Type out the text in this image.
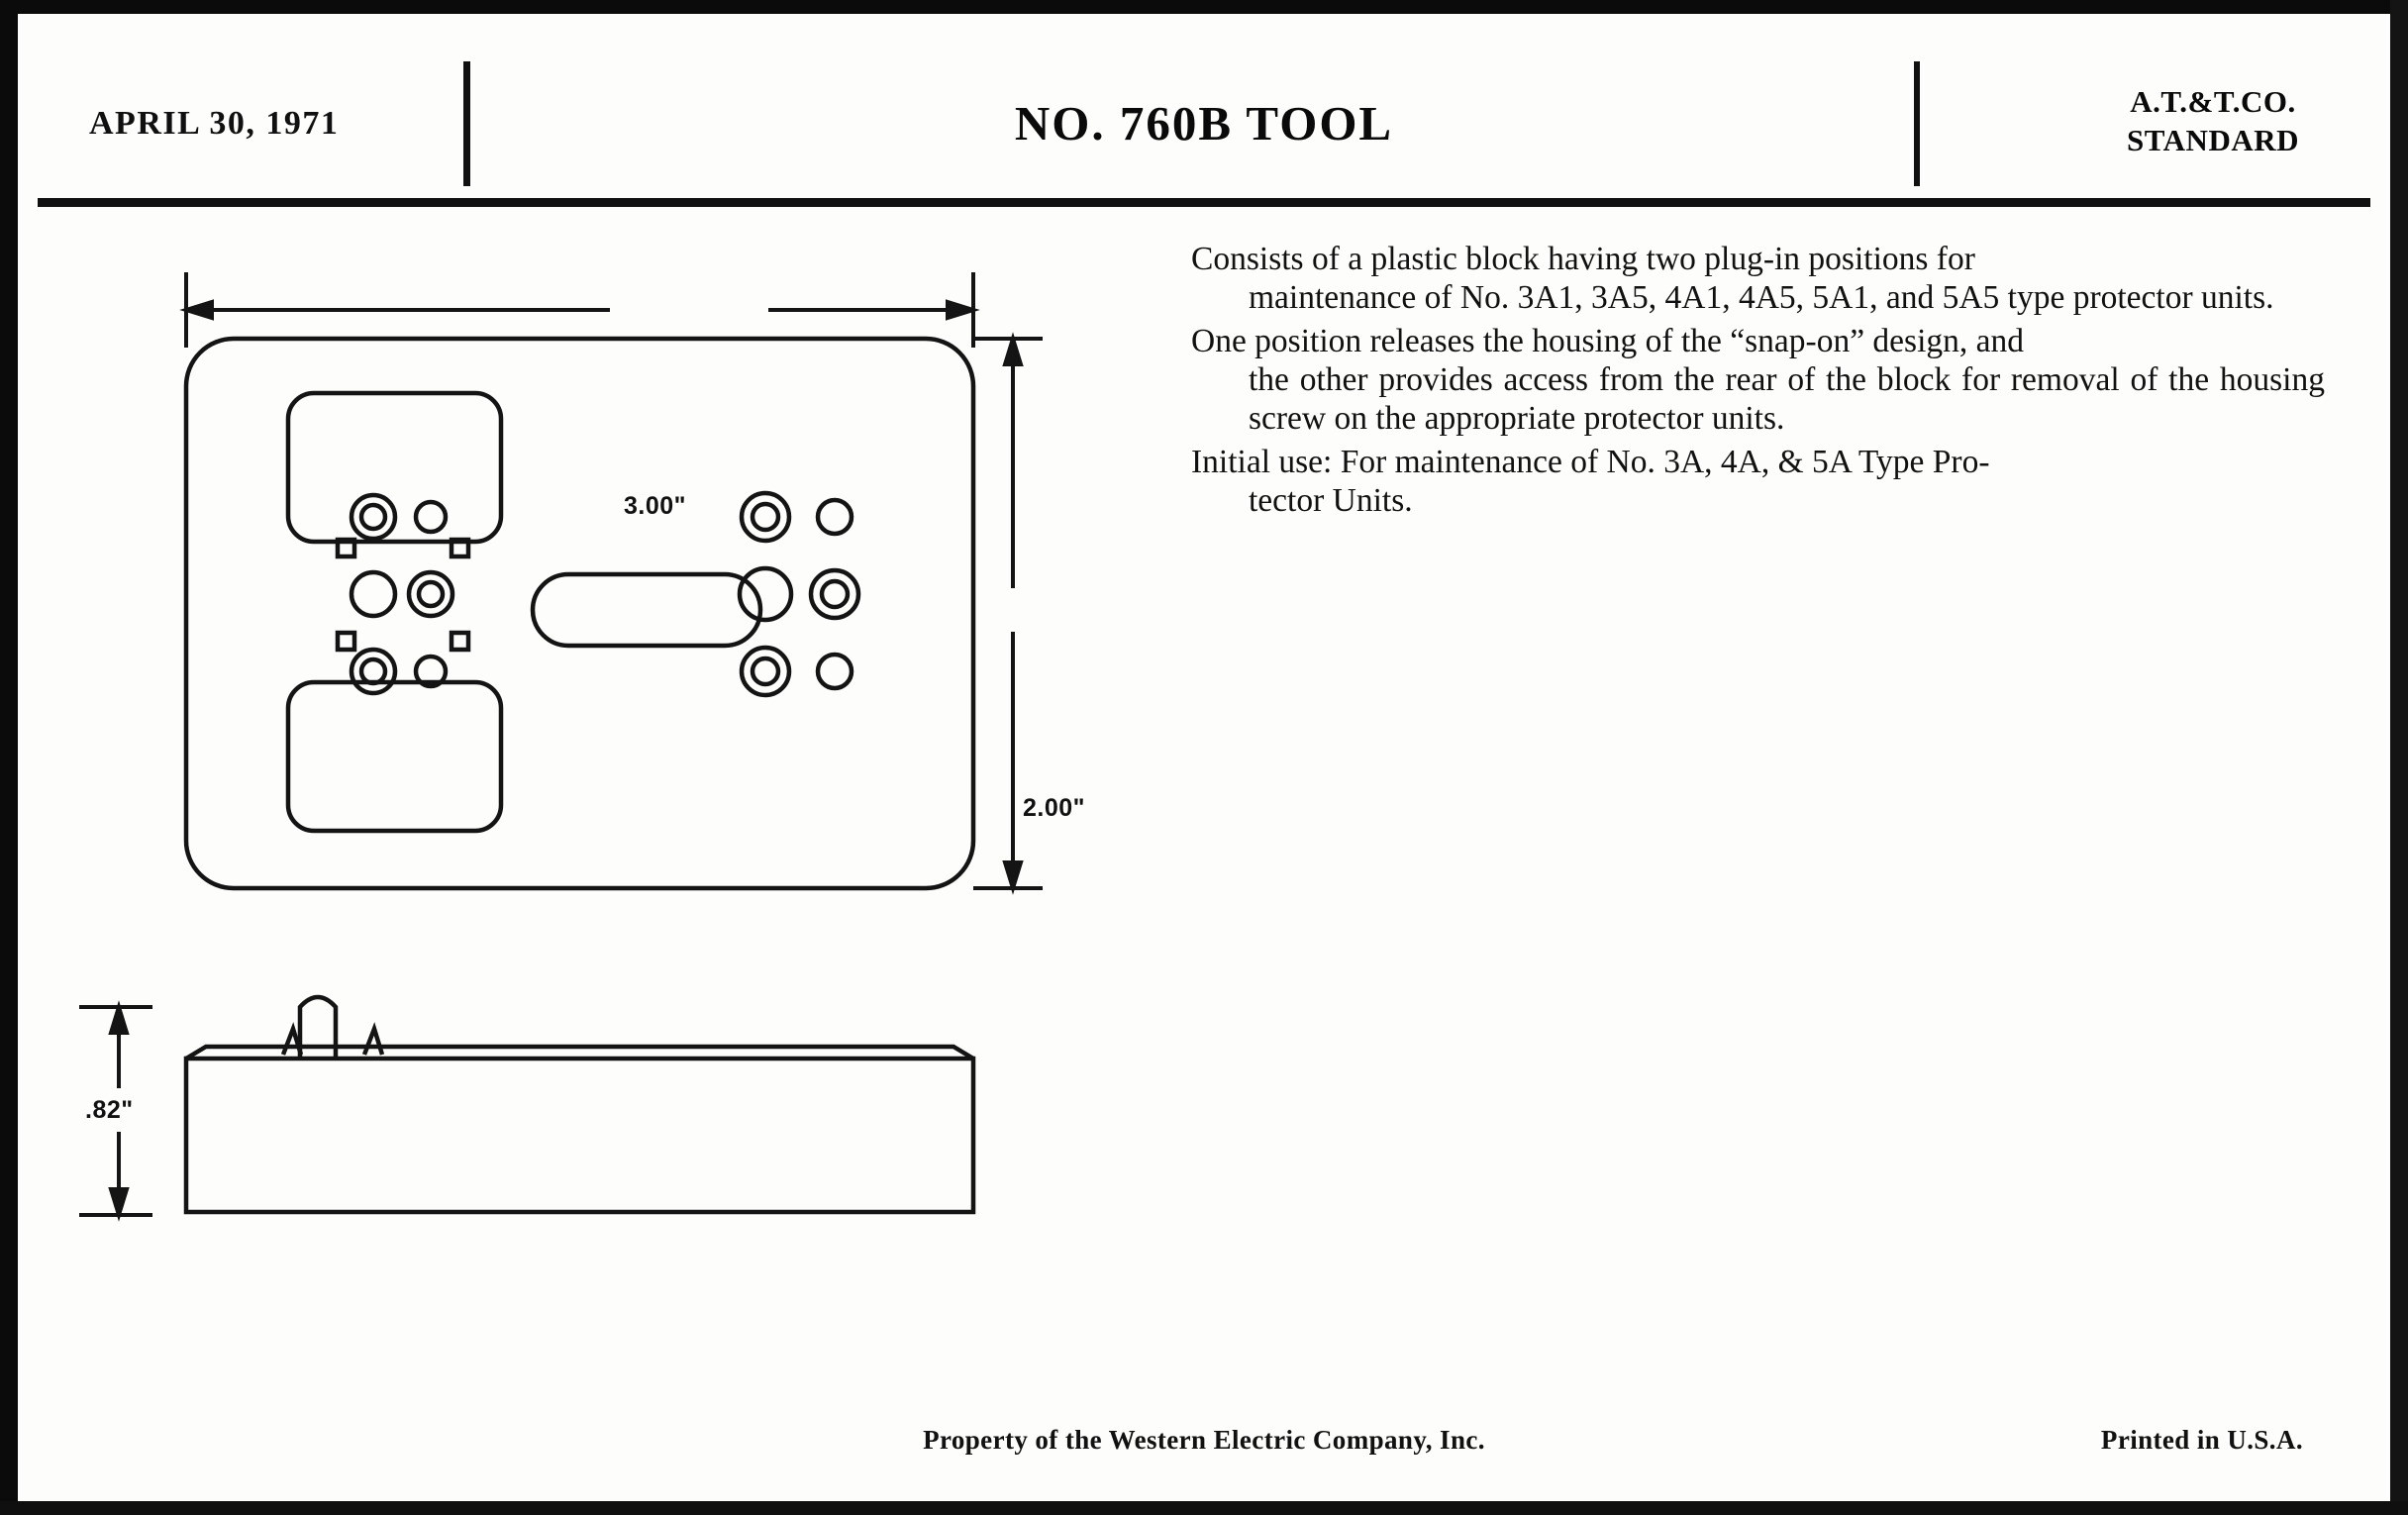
APRIL 30, 1971	NO. 760B TOOL	A.T.&T.CO.
STANDARD
Consists of a plastic block having two plug-in positions for
maintenance of No. 3A1, 3A5, 4A1, 4A5, 5A1, and 5A5 type protector units.
One position releases the housing of the “snap-on” design, and
the other provides access from the rear of the block for removal of the housing screw on the appropriate protector units.
Initial use: For maintenance of No. 3A, 4A, & 5A Type Pro-
tector Units.
3.00"
2.00"
.82"
Property of the Western Electric Company, Inc.	Printed in U.S.A.
